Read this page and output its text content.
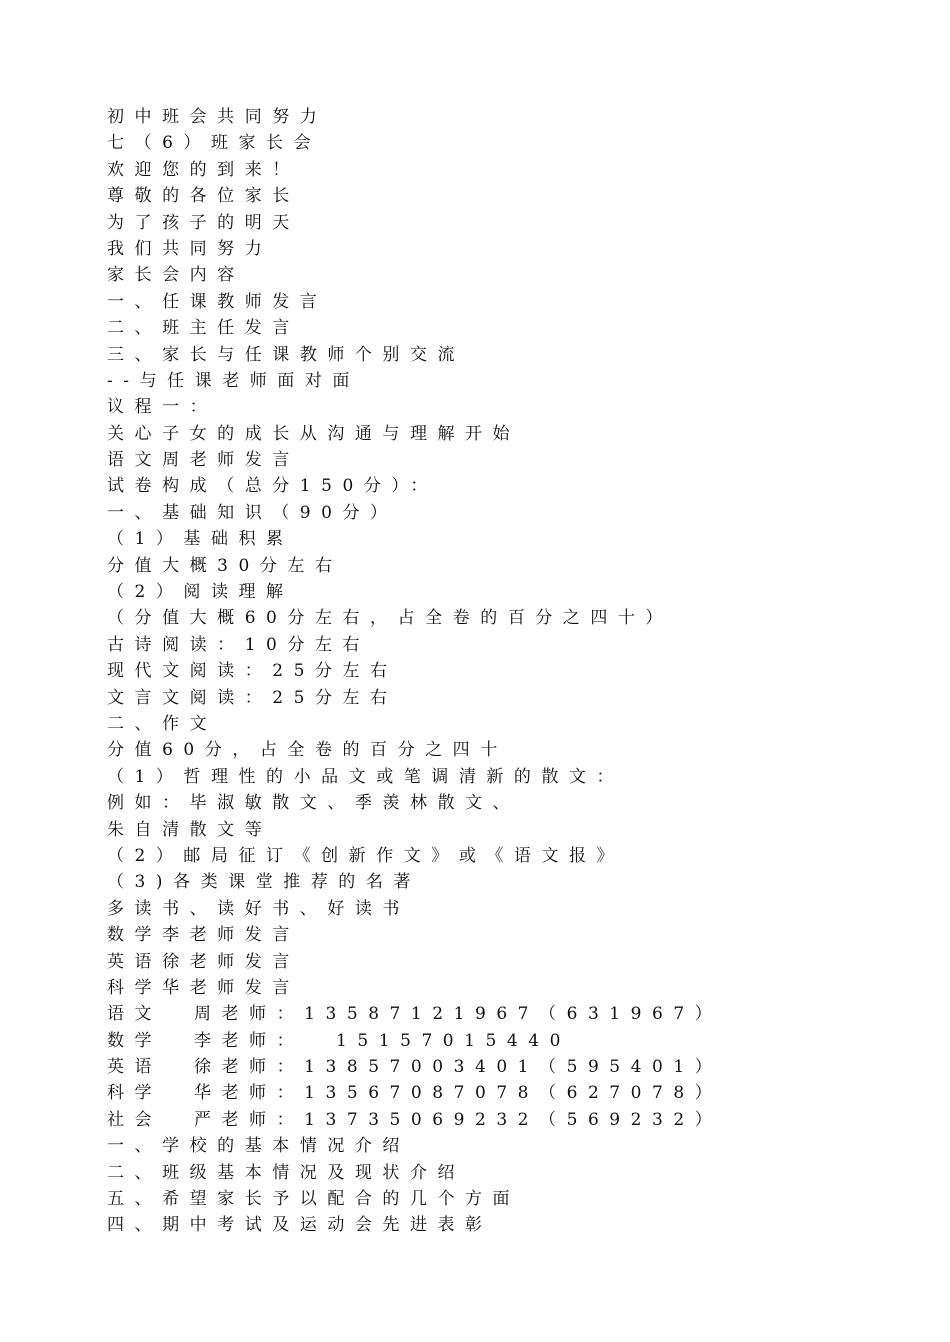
初中班会共同努力
七（6）班家长会
欢迎您的到来！
尊敬的各位家长
为了孩子的明天
我们共同努力
家长会内容
一、任课教师发言
二、班主任发言
三、家长与任课教师个别交流
--与任课老师面对面
议程一：
关心子女的成长从沟通与理解开始
语文周老师发言
试卷构成（总分150分）：
一、基础知识（90分）
（1）基础积累
分值大概30分左右
（2）阅读理解
（分值大概60分左右，占全卷的百分之四十）
古诗阅读：10分左右
现代文阅读：25分左右
文言文阅读：25分左右
二、作文
分值60分，占全卷的百分之四十
（1）哲理性的小品文或笔调清新的散文：
例如：毕淑敏散文、季羡林散文、
朱自清散文等
（2）邮局征订《创新作文》或《语文报》
（3)各类课堂推荐的名著
多读书、读好书、好读书
数学李老师发言
英语徐老师发言
科学华老师发言
语文  周老师：13587121967（631967）
数学  李老师：  15157015440
英语  徐老师：13857003401（595401）
科学  华老师：13567087078（627078）
社会  严老师：13735069232（569232）
一、学校的基本情况介绍
二、班级基本情况及现状介绍
五、希望家长予以配合的几个方面
四、期中考试及运动会先进表彰
